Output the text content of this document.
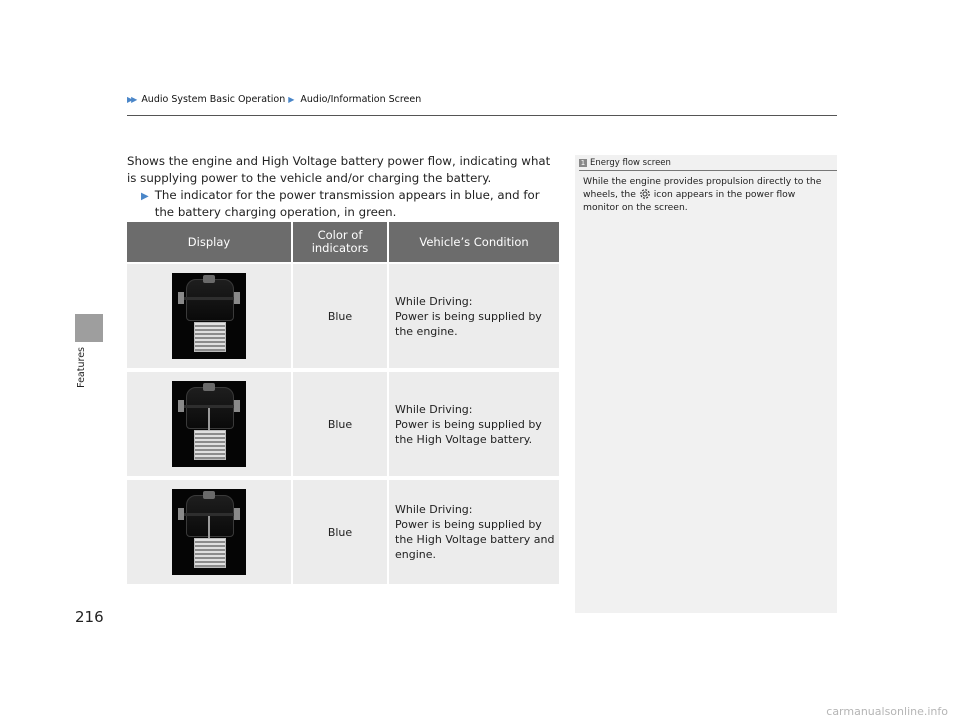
▶▶ Audio System Basic Operation ▶ Audio/Information Screen
Features
216
Shows the engine and High Voltage battery power flow, indicating what is supplying power to the vehicle and/or charging the battery.
▶ The indicator for the power transmission appears in blue, and for the battery charging operation, in green.
Display	Color of indicators	Vehicle’s Condition
Blue
While Driving:
Power is being supplied by the engine.
Blue
While Driving:
Power is being supplied by the High Voltage battery.
Blue
While Driving:
Power is being supplied by the High Voltage battery and engine.
1 Energy flow screen
While the engine provides propulsion directly to the wheels, the icon appears in the power flow monitor on the screen.
carmanualsonline.info
